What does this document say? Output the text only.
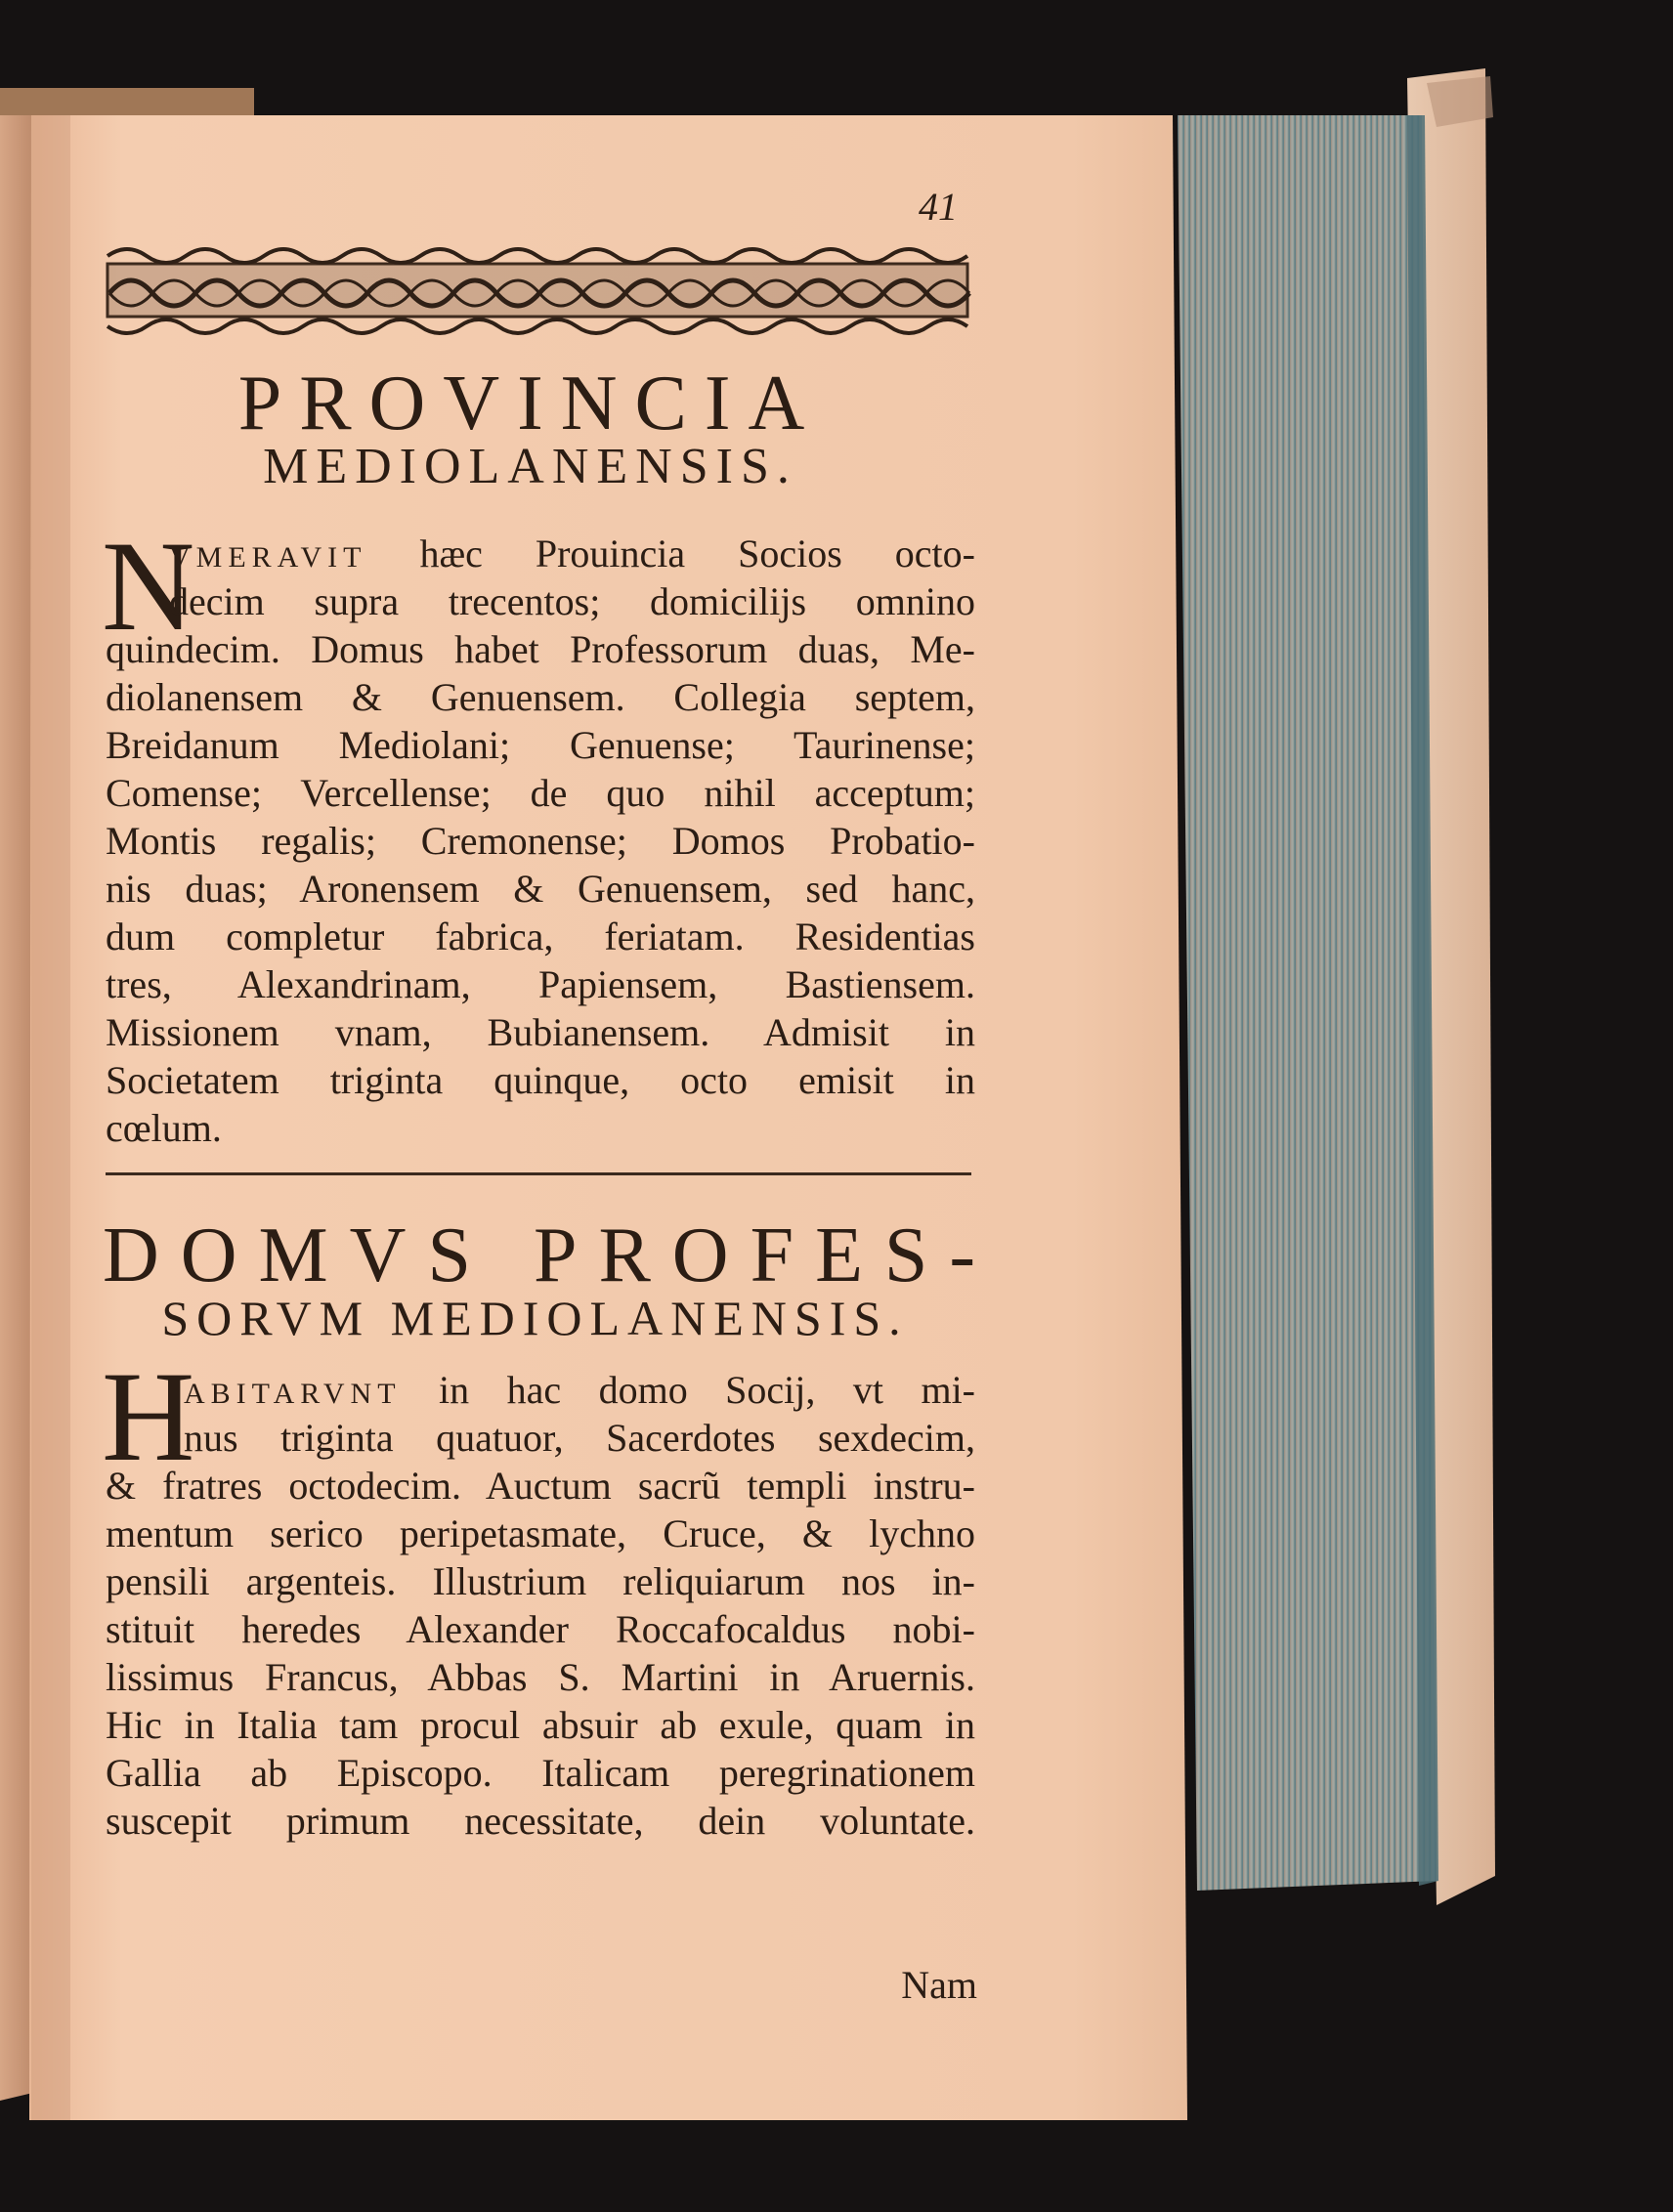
41

PROVINCIA
MEDIOLANENSIS.
N
VMERAVIT hæc Prouincia Socios octo-
decim supra trecentos; domicilijs omnino
quindecim. Domus habet Professorum duas, Me-
diolanensem & Genuensem. Collegia septem,
Breidanum Mediolani; Genuense; Taurinense;
Comense; Vercellense; de quo nihil acceptum;
Montis regalis; Cremonense; Domos Probatio-
nis duas; Aronensem & Genuensem, sed hanc,
dum completur fabrica, feriatam. Residentias
tres, Alexandrinam, Papiensem, Bastiensem.
Missionem vnam, Bubianensem. Admisit in
Societatem triginta quinque, octo emisit in
cœlum.
DOMVS PROFES-
SORVM MEDIOLANENSIS.
H
ABITARVNT in hac domo Socij, vt mi-
nus triginta quatuor, Sacerdotes sexdecim,
& fratres octodecim. Auctum sacrũ templi instru-
mentum serico peripetasmate, Cruce, & lychno
pensili argenteis. Illustrium reliquiarum nos in-
stituit heredes Alexander Roccafocaldus nobi-
lissimus Francus, Abbas S. Martini in Aruernis.
Hic in Italia tam procul absuir ab exule, quam in
Gallia ab Episcopo. Italicam peregrinationem
suscepit primum necessitate, dein voluntate.

Nam
